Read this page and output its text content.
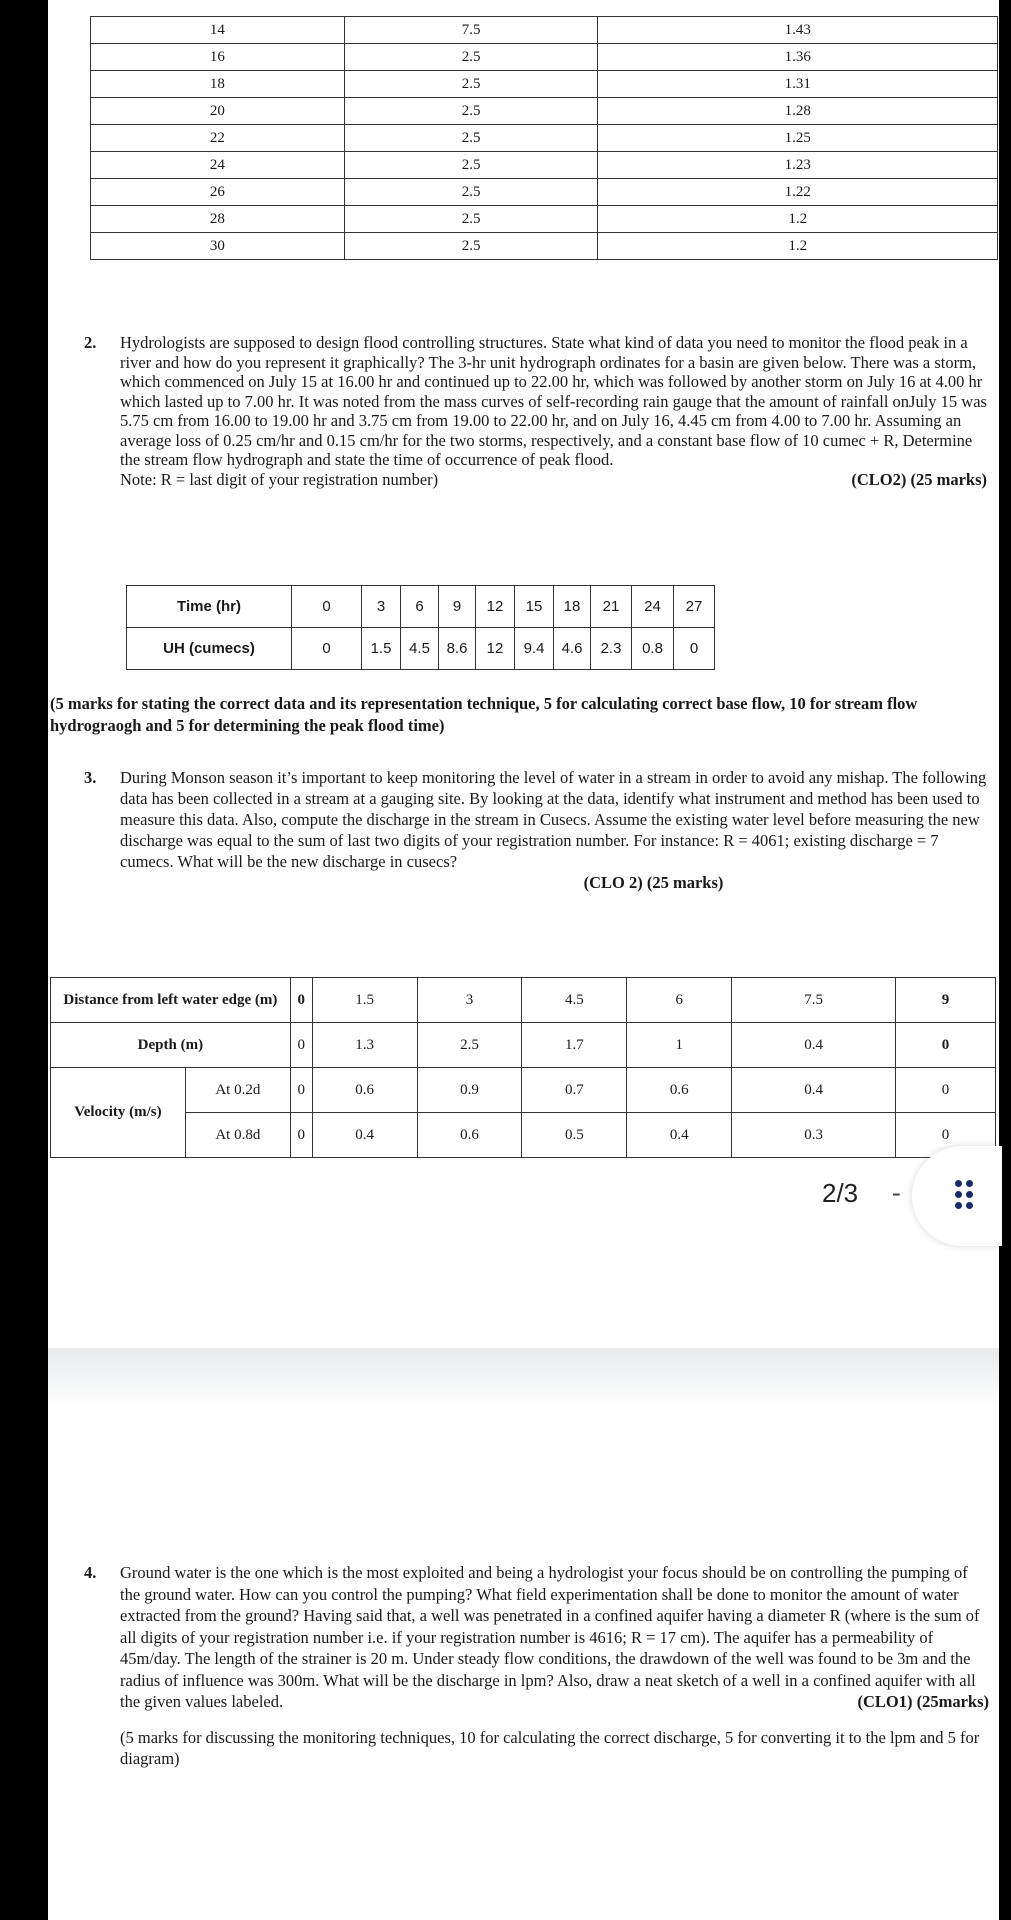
14	7.5	1.43
16	2.5	1.36
18	2.5	1.31
20	2.5	1.28
22	2.5	1.25
24	2.5	1.23
26	2.5	1.22
28	2.5	1.2
30	2.5	1.2
2. Hydrologists are supposed to design flood controlling structures. State what kind of data you need to monitor the flood peak in a river and how do you represent it graphically? The 3-hr unit hydrograph ordinates for a basin are given below. There was a storm, which commenced on July 15 at 16.00 hr and continued up to 22.00 hr, which was followed by another storm on July 16 at 4.00 hr which lasted up to 7.00 hr. It was noted from the mass curves of self-recording rain gauge that the amount of rainfall onJuly 15 was 5.75 cm from 16.00 to 19.00 hr and 3.75 cm from 19.00 to 22.00 hr, and on July 16, 4.45 cm from 4.00 to 7.00 hr. Assuming an average loss of 0.25 cm/hr and 0.15 cm/hr for the two storms, respectively, and a constant base flow of 10 cumec + R, Determine the stream flow hydrograph and state the time of occurrence of peak flood.
Note: R = last digit of your registration number)	(CLO2) (25 marks)
Time (hr)	0	3	6	9	12	15	18	21	24	27
UH (cumecs)	0	1.5	4.5	8.6	12	9.4	4.6	2.3	0.8	0
(5 marks for stating the correct data and its representation technique, 5 for calculating correct base flow, 10 for stream flow hydrograogh and 5 for determining the peak flood time)
3. During Monson season it’s important to keep monitoring the level of water in a stream in order to avoid any mishap. The following data has been collected in a stream at a gauging site. By looking at the data, identify what instrument and method has been used to measure this data. Also, compute the discharge in the stream in Cusecs. Assume the existing water level before measuring the new discharge was equal to the sum of last two digits of your registration number. For instance: R = 4061; existing discharge = 7 cumecs. What will be the new discharge in cusecs?
(CLO 2) (25 marks)
Distance from left water edge (m)		0	1.5	3	4.5	6	7.5	9
Depth (m)		0	1.3	2.5	1.7	1	0.4	0
Velocity (m/s)	At 0.2d	0	0.6	0.9	0.7	0.6	0.4	0
	At 0.8d	0	0.4	0.6	0.5	0.4	0.3	0
2/3 -
4. Ground water is the one which is the most exploited and being a hydrologist your focus should be on controlling the pumping of the ground water. How can you control the pumping? What field experimentation shall be done to monitor the amount of water extracted from the ground? Having said that, a well was penetrated in a confined aquifer having a diameter R (where is the sum of all digits of your registration number i.e. if your registration number is 4616; R = 17 cm). The aquifer has a permeability of 45m/day. The length of the strainer is 20 m. Under steady flow conditions, the drawdown of the well was found to be 3m and the radius of influence was 300m. What will be the discharge in lpm? Also, draw a neat sketch of a well in a confined aquifer with all the given values labeled.	(CLO1) (25marks)
(5 marks for discussing the monitoring techniques, 10 for calculating the correct discharge, 5 for converting it to the lpm and 5 for diagram)
